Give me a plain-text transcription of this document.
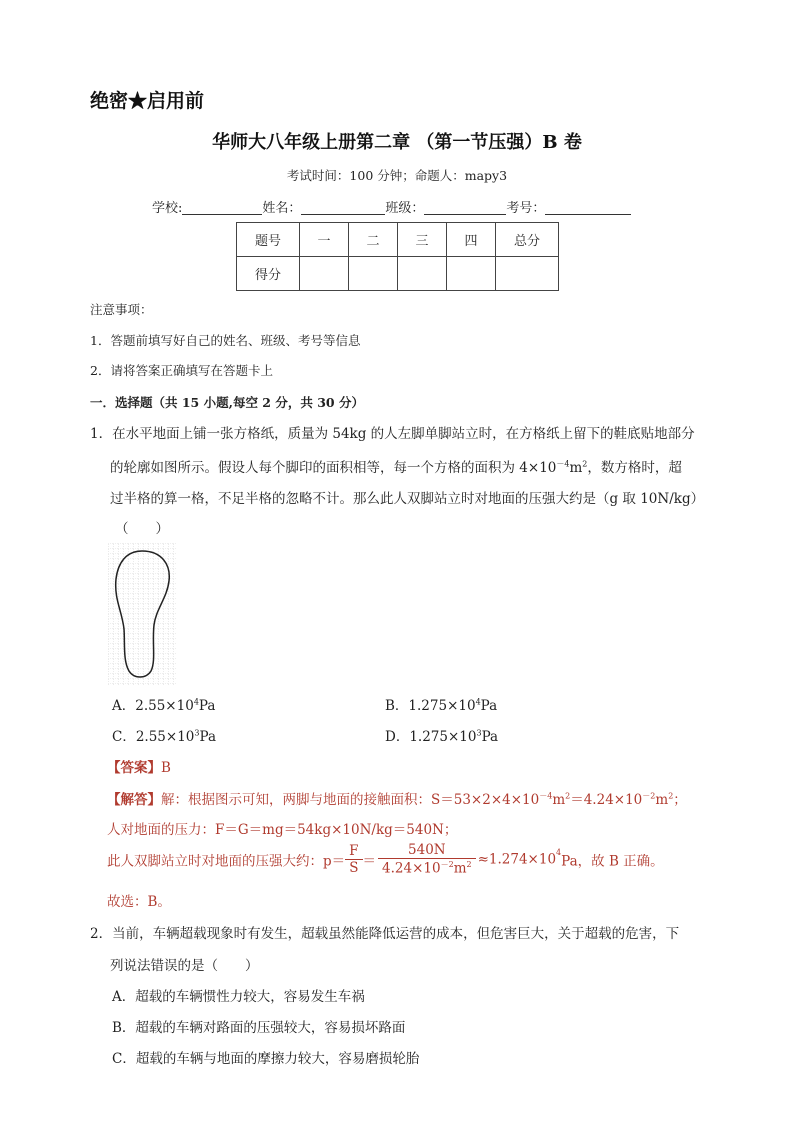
绝密★启用前
华师大八年级上册第二章 （第一节压强）B 卷
考试时间：100 分钟；命题人：mapy3
学校:	姓名：	班级：	考号：
题号	一	二	三	四	总分
得分					
注意事项：
1．答题前填写好自己的姓名、班级、考号等信息
2．请将答案正确填写在答题卡上
一．选择题（共 15 小题,每空 2 分，共 30 分）
1．在水平地面上铺一张方格纸，质量为 54kg 的人左脚单脚站立时，在方格纸上留下的鞋底贴地部分
的轮廓如图所示。假设人每个脚印的面积相等，每一个方格的面积为 $4\times 10^{-4}m^2$，数方格时，超
过半格的算一格，不足半格的忽略不计。那么此人双脚站立时对地面的压强大约是（g 取 10N/kg）
（　　）
A．$2.55\times 10^4Pa$	B．$1.275\times 10^4Pa$
C．$2.55\times 10^3Pa$	D．$1.275\times 10^3Pa$
【答案】B
【解答】解：根据图示可知，两脚与地面的接触面积：$S=53\times 2\times 4\times 10^{-4}m^2=4.24\times 10^{-2}m^2$；
人对地面的压力：F＝G＝mg＝54kg×10N/kg＝540N；
此人双脚站立时对地面的压强大约：$p= \frac{F}{S} = \frac{540N}{4.24\times 10^{-2}m^2} \approx 1.274\times 10^4Pa$，故 B 正确。
故选：B。
2．当前，车辆超载现象时有发生，超载虽然能降低运营的成本，但危害巨大，关于超载的危害，下
列说法错误的是（　　）
A．超载的车辆惯性力较大，容易发生车祸
B．超载的车辆对路面的压强较大，容易损坏路面
C．超载的车辆与地面的摩擦力较大，容易磨损轮胎
